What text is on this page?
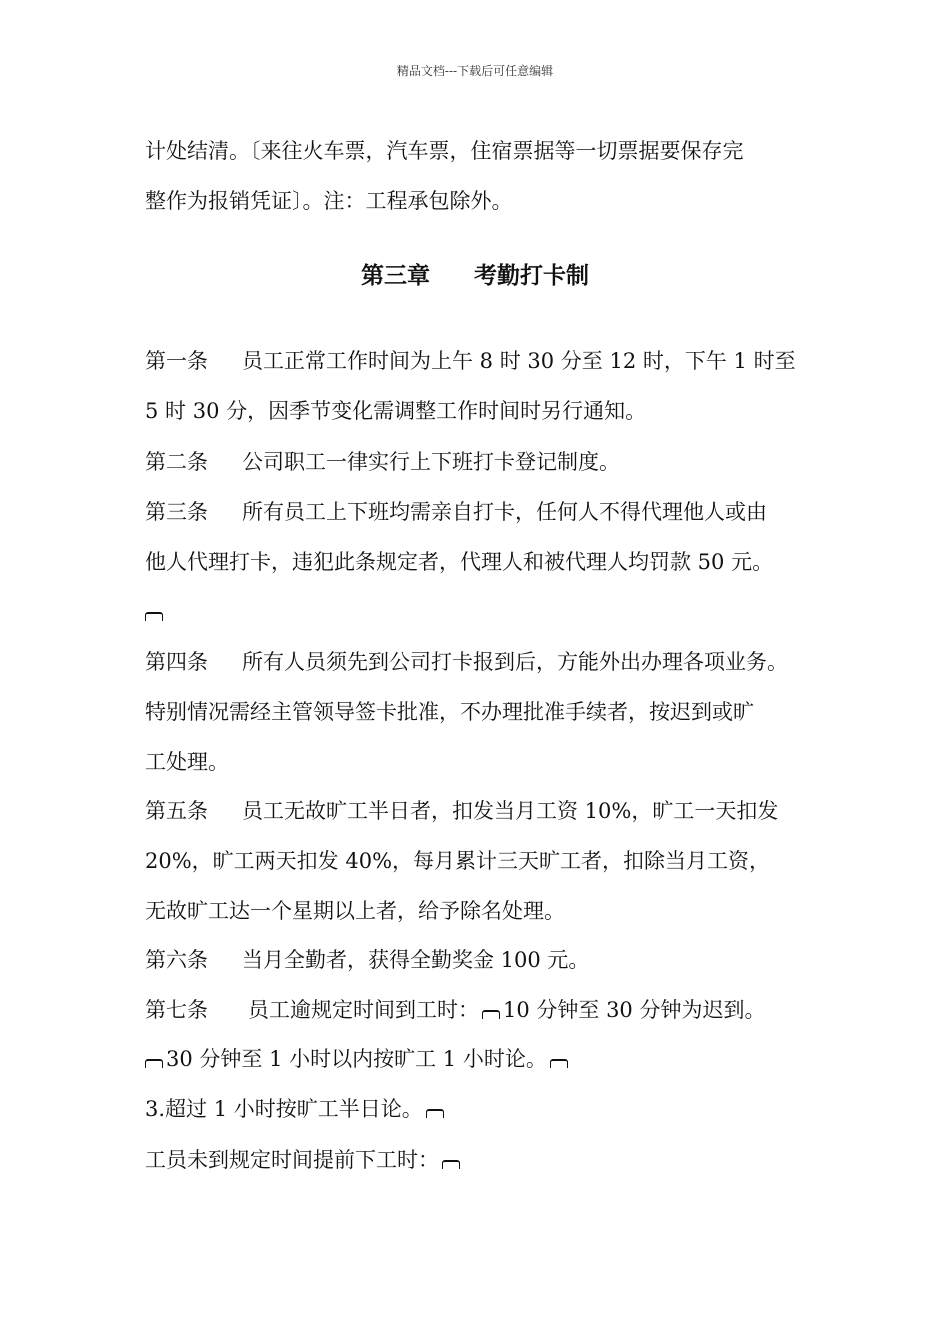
精品文档---下载后可任意编辑
计处结清。〔来往火车票，汽车票，住宿票据等一切票据要保存完
整作为报销凭证〕。注：工程承包除外。
第三章 考勤打卡制
第一条 员工正常工作时间为上午 8 时 30 分至 12 时，下午 1 时至
5 时 30 分，因季节变化需调整工作时间时另行通知。
第二条 公司职工一律实行上下班打卡登记制度。
第三条 所有员工上下班均需亲自打卡，任何人不得代理他人或由
他人代理打卡，违犯此条规定者，代理人和被代理人均罚款 50 元。
第四条 所有人员须先到公司打卡报到后，方能外出办理各项业务。
特别情况需经主管领导签卡批准，不办理批准手续者，按迟到或旷
工处理。
第五条 员工无故旷工半日者，扣发当月工资 10%，旷工一天扣发
20%，旷工两天扣发 40%，每月累计三天旷工者，扣除当月工资，
无故旷工达一个星期以上者，给予除名处理。
第六条 当月全勤者，获得全勤奖金 100 元。
第七条 员工逾规定时间到工时： 10 分钟至 30 分钟为迟到。
30 分钟至 1 小时以内按旷工 1 小时论。
3.超过 1 小时按旷工半日论。
工员未到规定时间提前下工时：
